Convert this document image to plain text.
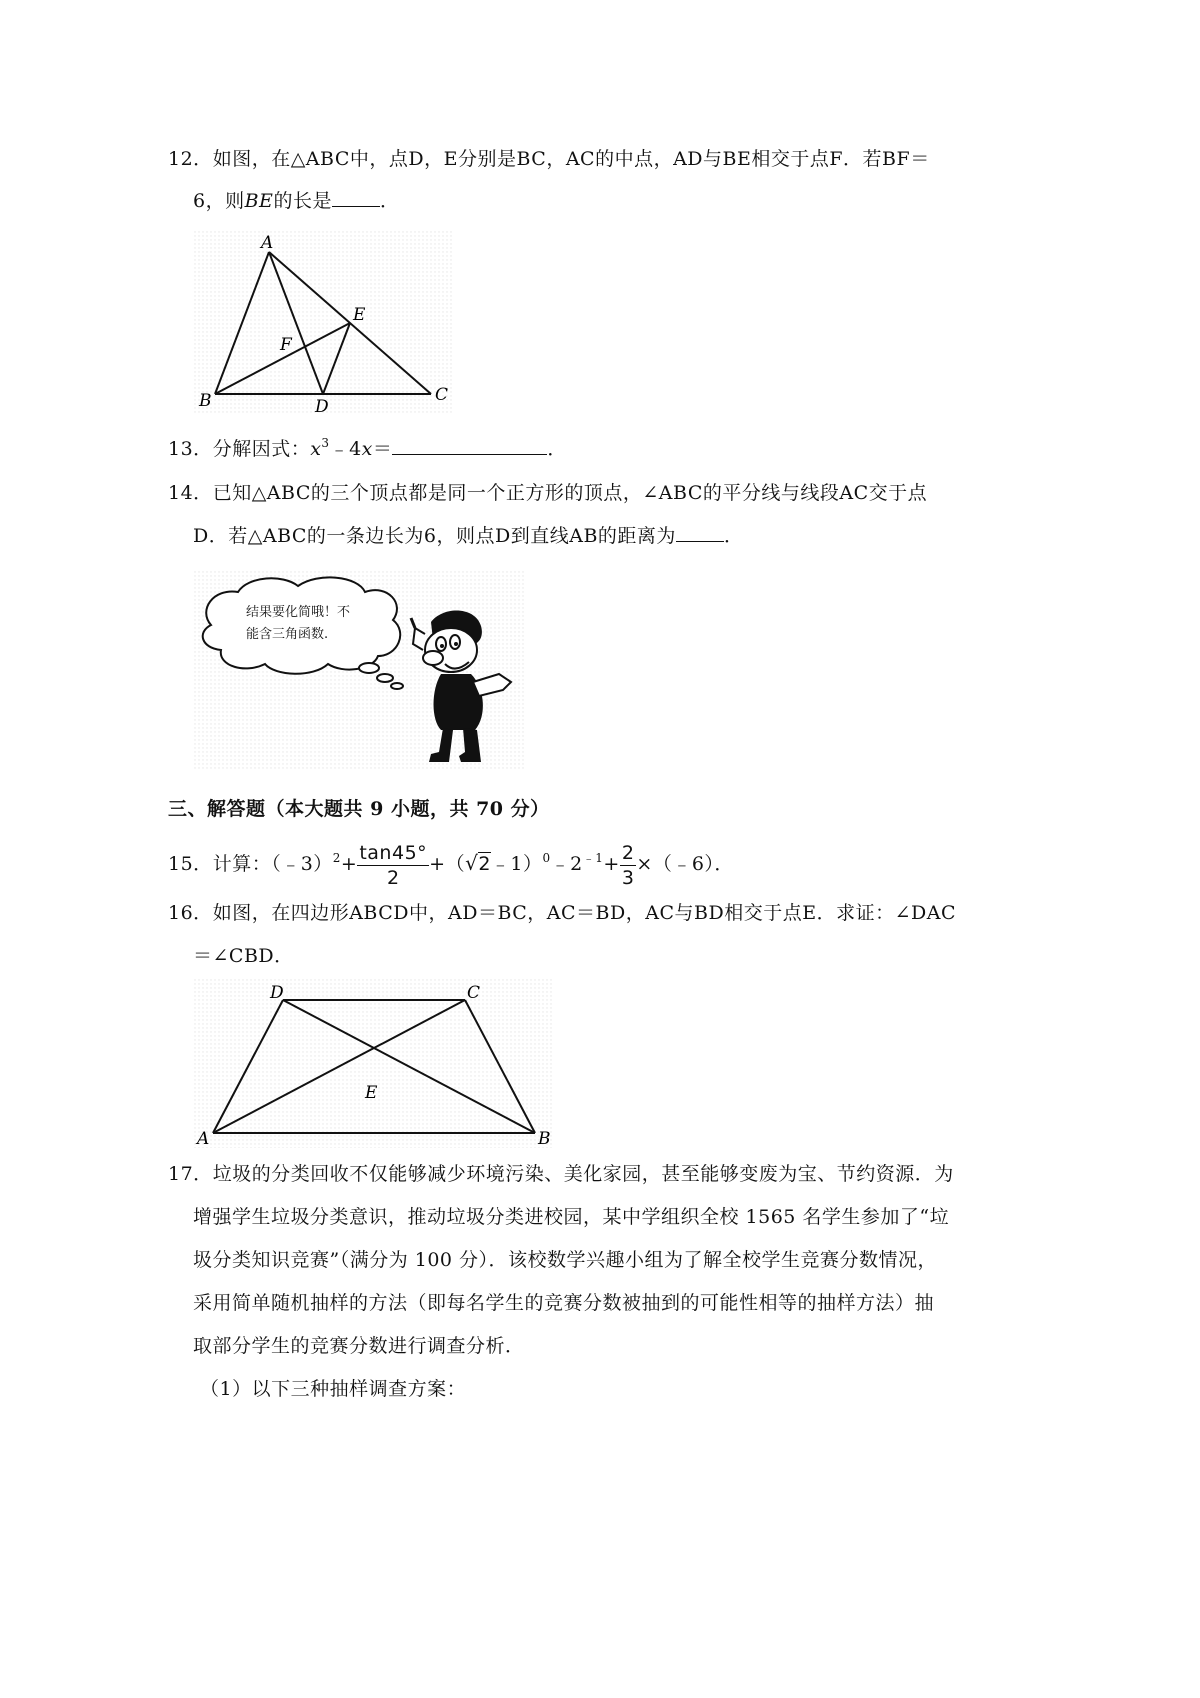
12．如图，在△ABC中，点D，E分别是BC，AC的中点，AD与BE相交于点F．若BF＝
6，则BE的长是	．
A
B	C
D
E
F
13．分解因式：$x^3﹣4x=$	．
14．已知△ABC的三个顶点都是同一个正方形的顶点，∠ABC的平分线与线段AC交于点
D．若△ABC的一条边长为6，则点D到直线AB的距离为	．
结果要化简哦！不
能含三角函数.
三、解答题（本大题共 9 小题，共 70 分）
15．计算：（﹣3）$^2$+ $\frac{\tan 45^\circ}{2}$ $+(√2﹣1)^0﹣2^{﹣1}+ \frac{2}{3}$ ×（﹣6）．
16．如图，在四边形ABCD中，AD＝BC，AC＝BD，AC与BD相交于点E．求证：∠DAC
＝∠CBD．
D	C
A	B
E
17．垃圾的分类回收不仅能够减少环境污染、美化家园，甚至能够变废为宝、节约资源．为
增强学生垃圾分类意识，推动垃圾分类进校园，某中学组织全校 1565 名学生参加了“垃
圾分类知识竞赛”（满分为 100 分）．该校数学兴趣小组为了解全校学生竞赛分数情况，
采用简单随机抽样的方法（即每名学生的竞赛分数被抽到的可能性相等的抽样方法）抽
取部分学生的竞赛分数进行调查分析．
（1）以下三种抽样调查方案：
